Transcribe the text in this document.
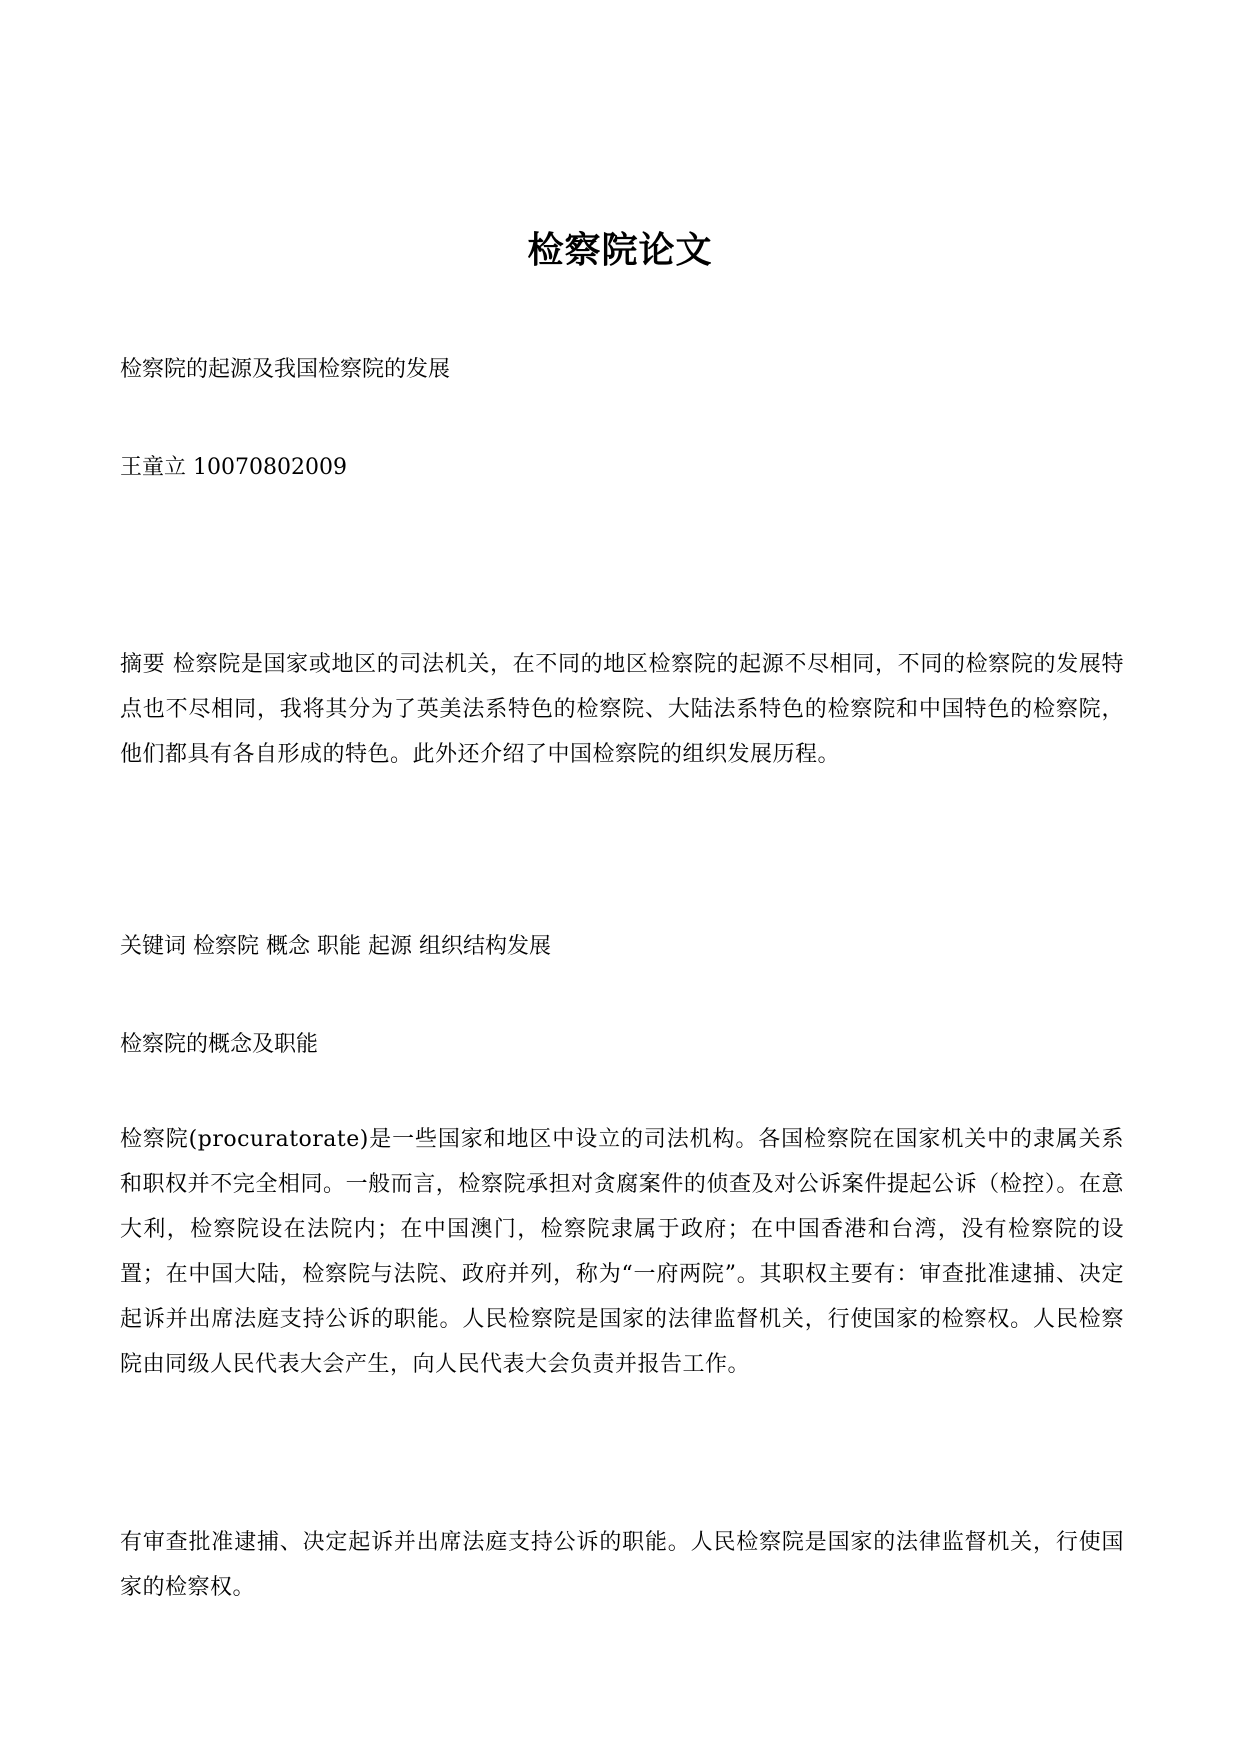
检察院论文

检察院的起源及我国检察院的发展

王童立 10070802009

摘要 检察院是国家或地区的司法机关，在不同的地区检察院的起源不尽相同，不同的检察院的发展特点也不尽相同，我将其分为了英美法系特色的检察院、大陆法系特色的检察院和中国特色的检察院，他们都具有各自形成的特色。此外还介绍了中国检察院的组织发展历程。

关键词 检察院 概念 职能 起源 组织结构发展

检察院的概念及职能

检察院(procuratorate)是一些国家和地区中设立的司法机构。各国检察院在国家机关中的隶属关系和职权并不完全相同。一般而言，检察院承担对贪腐案件的侦查及对公诉案件提起公诉（检控）。在意大利，检察院设在法院内；在中国澳门，检察院隶属于政府；在中国香港和台湾，没有检察院的设置；在中国大陆，检察院与法院、政府并列，称为“一府两院”。其职权主要有：审查批准逮捕、决定起诉并出席法庭支持公诉的职能。人民检察院是国家的法律监督机关，行使国家的检察权。人民检察院由同级人民代表大会产生，向人民代表大会负责并报告工作。

有审查批准逮捕、决定起诉并出席法庭支持公诉的职能。人民检察院是国家的法律监督机关，行使国家的检察权。
